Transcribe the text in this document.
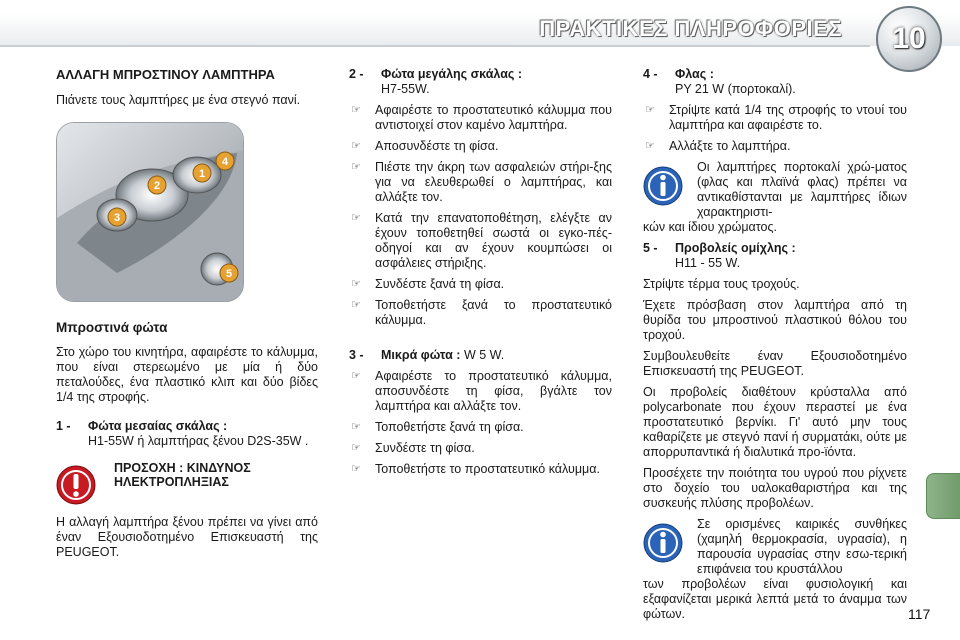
ΠΡΑΚΤΙΚΕΣ ΠΛΗΡΟΦΟΡΙΕΣ	10
ΑΛΛΑΓΗ ΜΠΡΟΣΤΙΝΟΥ ΛΑΜΠΤΗΡΑ

Πιάνετε τους λαμπτήρες με ένα στεγνό πανί.

1
2
3
4
5
Μπροστινά φώτα

Στο χώρο του κινητήρα, αφαιρέστε το κάλυμμα, που είναι στερεωμένο με μία ή δύο πεταλούδες, ένα πλαστικό κλιπ και δύο βίδες 1/4 της στροφής.

1 -	Φώτα μεσαίας σκάλας :

H1-55W ή λαμπτήρας ξένου D2S-35W .

ΠΡΟΣΟΧΗ : ΚΙΝΔΥΝΟΣ ΗΛΕΚΤΡΟΠΛΗΞΙΑΣ

Η αλλαγή λαμπτήρα ξένου πρέπει να γίνει από έναν Εξουσιοδοτημένο Επισκευαστή της PEUGEOT.

2 -	Φώτα μεγάλης σκάλας :

H7-55W.

☞	Αφαιρέστε το προστατευτικό κάλυμμα που αντιστοιχεί στον καμένο λαμπτήρα.
☞	Αποσυνδέστε τη φίσα.
☞	Πιέστε την άκρη των ασφαλειών στήρι-ξης για να ελευθερωθεί ο λαμπτήρας, και αλλάξτε τον.
☞	Κατά την επανατοποθέτηση, ελέγξτε αν έχουν τοποθετηθεί σωστά οι εγκο-πές-οδηγοί και αν έχουν κουμπώσει οι ασφάλειες στήριξης.
☞	Συνδέστε ξανά τη φίσα.
☞	Τοποθετήστε ξανά το προστατευτικό κάλυμμα.
3 -	Μικρά φώτα : W 5 W.
☞	Αφαιρέστε το προστατευτικό κάλυμμα, αποσυνδέστε τη φίσα, βγάλτε τον λαμπτήρα και αλλάξτε τον.
☞	Τοποθετήστε ξανά τη φίσα.
☞	Συνδέστε τη φίσα.
☞	Τοποθετήστε το προστατευτικό κάλυμμα.
4 -	Φλας :

PY 21 W (πορτοκαλί).

☞	Στρίψτε κατά 1/4 της στροφής το ντουί του λαμπτήρα και αφαιρέστε το.
☞	Αλλάξτε το λαμπτήρα.
Οι λαμπτήρες πορτοκαλί χρώ-ματος (φλας και πλαϊνά φλας) πρέπει να αντικαθίστανται με λαμπτήρες ίδιων χαρακτηριστι-

κών και ίδιου χρώματος.

5 -	Προβολείς ομίχλης :

H11 - 55 W.

Στρίψτε τέρμα τους τροχούς.

Έχετε πρόσβαση στον λαμπτήρα από τη θυρίδα του μπροστινού πλαστικού θόλου του τροχού.

Συμβουλευθείτε έναν Εξουσιοδοτημένο Επισκευαστή της PEUGEOT.

Οι προβολείς διαθέτουν κρύσταλλα από polycarbonate που έχουν περαστεί με ένα προστατευτικό βερνίκι. Γι' αυτό μην τους καθαρίζετε με στεγνό πανί ή συρματάκι, ούτε με απορρυπαντικά ή διαλυτικά προ-ϊόντα.

Προσέχετε την ποιότητα του υγρού που ρίχνετε στο δοχείο του υαλοκαθαριστήρα και της συσκευής πλύσης προβολέων.

Σε ορισμένες καιρικές συνθήκες (χαμηλή θερμοκρασία, υγρασία), η παρουσία υγρασίας στην εσω-τερική επιφάνεια του κρυστάλλου

των προβολέων είναι φυσιολογική και εξαφανίζεται μερικά λεπτά μετά το άναμμα των φώτων.	117
